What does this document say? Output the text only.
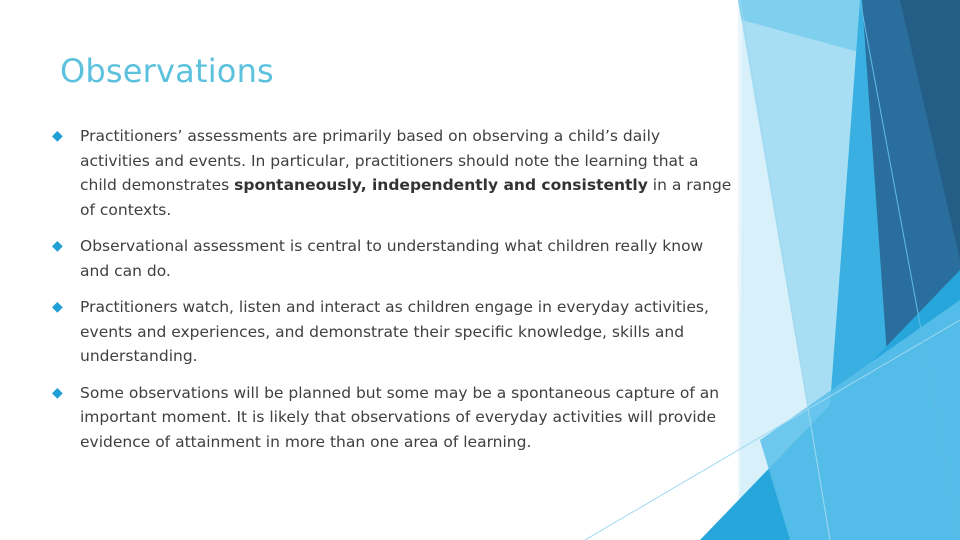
Observations
◆ Practitioners’ assessments are primarily based on observing a child’s daily activities and events. In particular, practitioners should note the learning that a child demonstrates spontaneously, independently and consistently in a range of contexts.
◆ Observational assessment is central to understanding what children really know and can do.
◆ Practitioners watch, listen and interact as children engage in everyday activities, events and experiences, and demonstrate their specific knowledge, skills and understanding.
◆ Some observations will be planned but some may be a spontaneous capture of an important moment. It is likely that observations of everyday activities will provide evidence of attainment in more than one area of learning.
